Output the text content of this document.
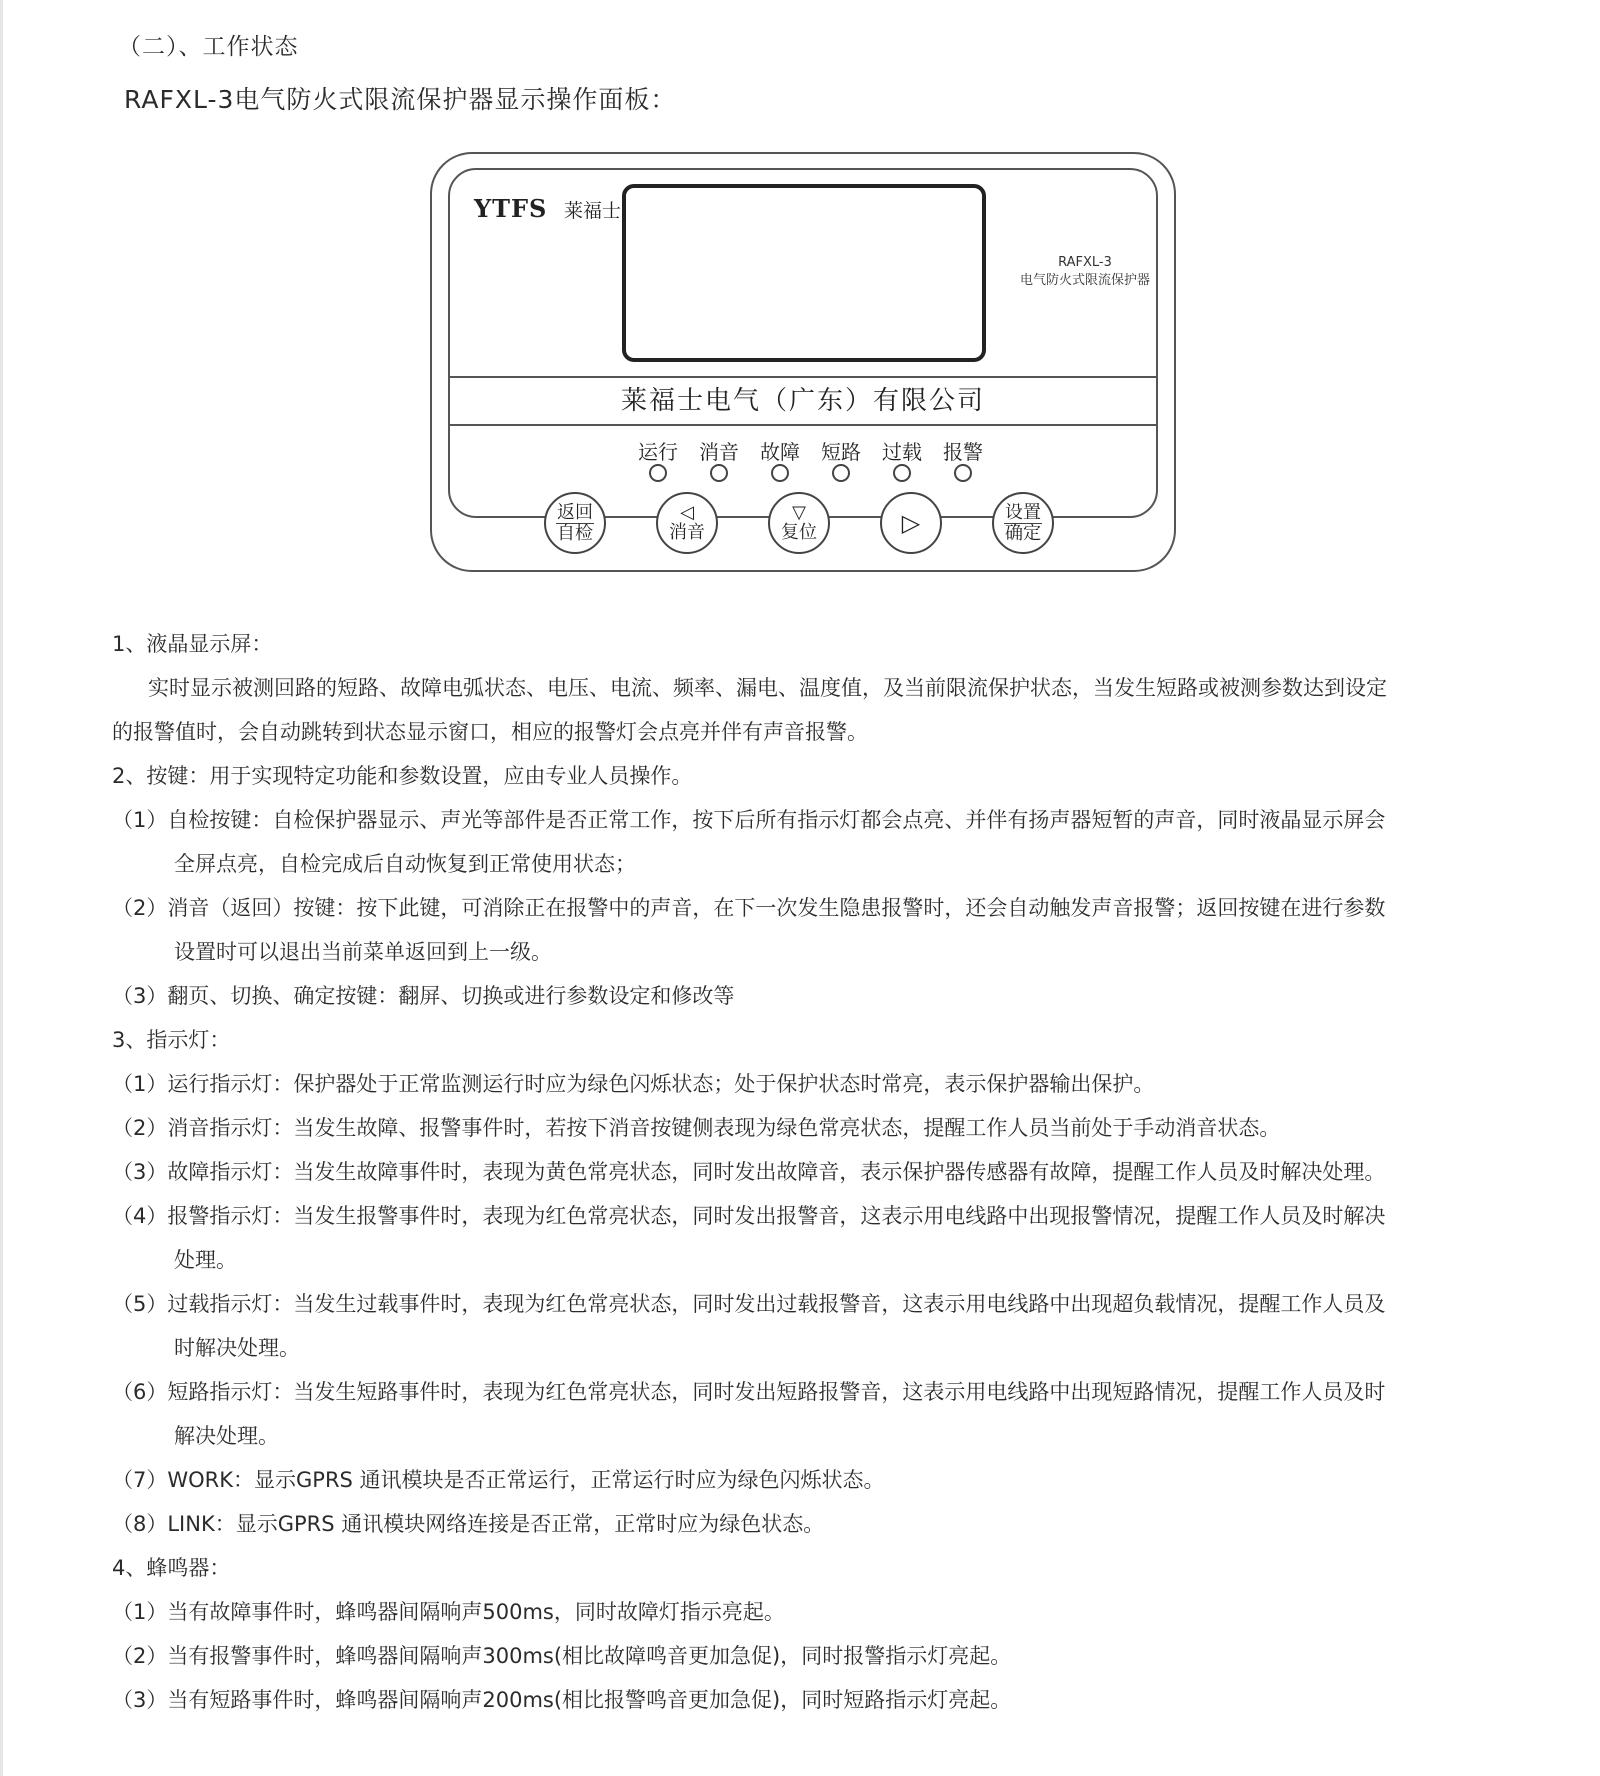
（二）、工作状态
RAFXL-3电气防火式限流保护器显示操作面板：
YTFS 莱福士
RAFXL-3
电气防火式限流保护器
莱福士电气（广东）有限公司
运行	消音	故障	短路	过载	报警
返回
自检
◁
消音
▽
复位	▷	设置
确定
1、液晶显示屏：
实时显示被测回路的短路、故障电弧状态、电压、电流、频率、漏电、温度值，及当前限流保护状态，当发生短路或被测参数达到设定
的报警值时，会自动跳转到状态显示窗口，相应的报警灯会点亮并伴有声音报警。
2、按键：用于实现特定功能和参数设置，应由专业人员操作。
（1）自检按键：自检保护器显示、声光等部件是否正常工作，按下后所有指示灯都会点亮、并伴有扬声器短暂的声音，同时液晶显示屏会
全屏点亮，自检完成后自动恢复到正常使用状态；
（2）消音（返回）按键：按下此键，可消除正在报警中的声音，在下一次发生隐患报警时，还会自动触发声音报警；返回按键在进行参数
设置时可以退出当前菜单返回到上一级。
（3）翻页、切换、确定按键：翻屏、切换或进行参数设定和修改等
3、指示灯：
（1）运行指示灯：保护器处于正常监测运行时应为绿色闪烁状态；处于保护状态时常亮，表示保护器输出保护。
（2）消音指示灯：当发生故障、报警事件时，若按下消音按键侧表现为绿色常亮状态，提醒工作人员当前处于手动消音状态。
（3）故障指示灯：当发生故障事件时，表现为黄色常亮状态，同时发出故障音，表示保护器传感器有故障，提醒工作人员及时解决处理。
（4）报警指示灯：当发生报警事件时，表现为红色常亮状态，同时发出报警音，这表示用电线路中出现报警情况，提醒工作人员及时解决
处理。
（5）过载指示灯：当发生过载事件时，表现为红色常亮状态，同时发出过载报警音，这表示用电线路中出现超负载情况，提醒工作人员及
时解决处理。
（6）短路指示灯：当发生短路事件时，表现为红色常亮状态，同时发出短路报警音，这表示用电线路中出现短路情况，提醒工作人员及时
解决处理。
（7）WORK：显示GPRS 通讯模块是否正常运行，正常运行时应为绿色闪烁状态。
（8）LINK：显示GPRS 通讯模块网络连接是否正常，正常时应为绿色状态。
4、蜂鸣器：
（1）当有故障事件时，蜂鸣器间隔响声500ms，同时故障灯指示亮起。
（2）当有报警事件时，蜂鸣器间隔响声300ms(相比故障鸣音更加急促)，同时报警指示灯亮起。
（3）当有短路事件时，蜂鸣器间隔响声200ms(相比报警鸣音更加急促)，同时短路指示灯亮起。
